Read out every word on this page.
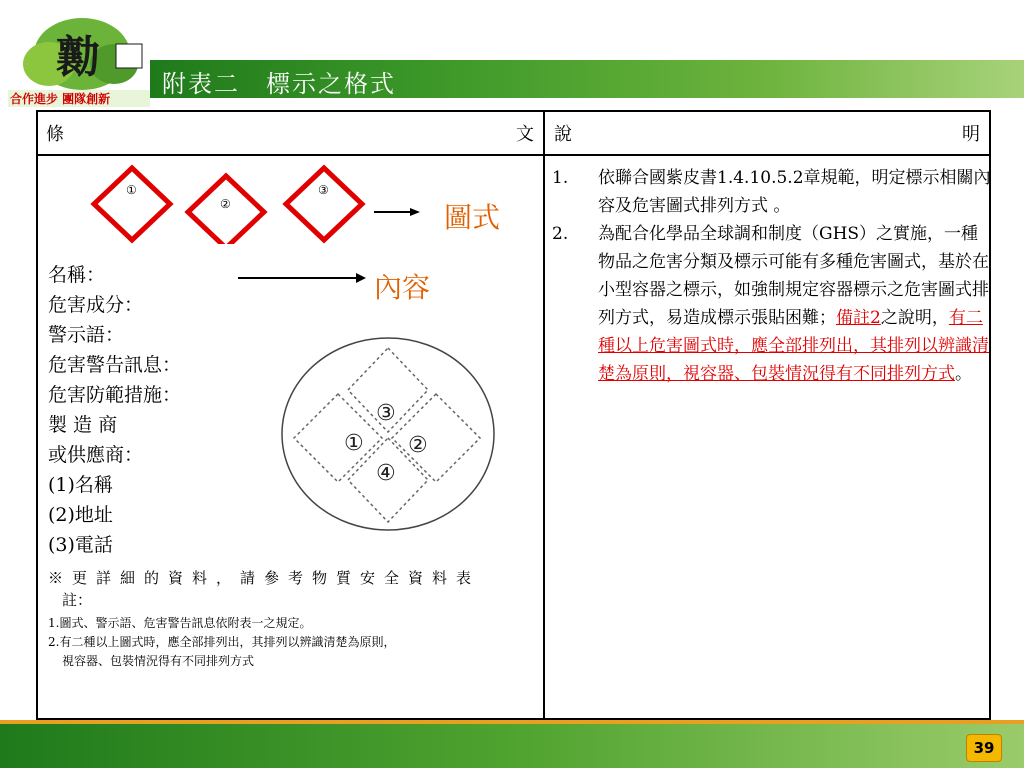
勷
合作進步 團隊創新
附表二　標示之格式
條	文 說	明
①
②
③
圖式
內容
名稱：
危害成分：
警示語：
危害警告訊息：
危害防範措施：
製 造 商
或供應商：
(1)名稱
(2)地址
(3)電話
③
① ②
④
※更詳細的資料，請參考物質安全資料表
註：
1.圖式、警示語、危害警告訊息依附表一之規定。
2.有二種以上圖式時，應全部排列出，其排列以辨識清楚為原則，
視容器、包裝情況得有不同排列方式
1. 依聯合國紫皮書1.4.10.5.2章規範，明定標示相關內容及危害圖式排列方式 。
2. 為配合化學品全球調和制度（GHS）之實施，一種物品之危害分類及標示可能有多種危害圖式，基於在小型容器之標示，如強制規定容器標示之危害圖式排列方式，易造成標示張貼困難；備註2之說明，有二種以上危害圖式時，應全部排列出，其排列以辨識清楚為原則，視容器、包裝情況得有不同排列方式。
39
